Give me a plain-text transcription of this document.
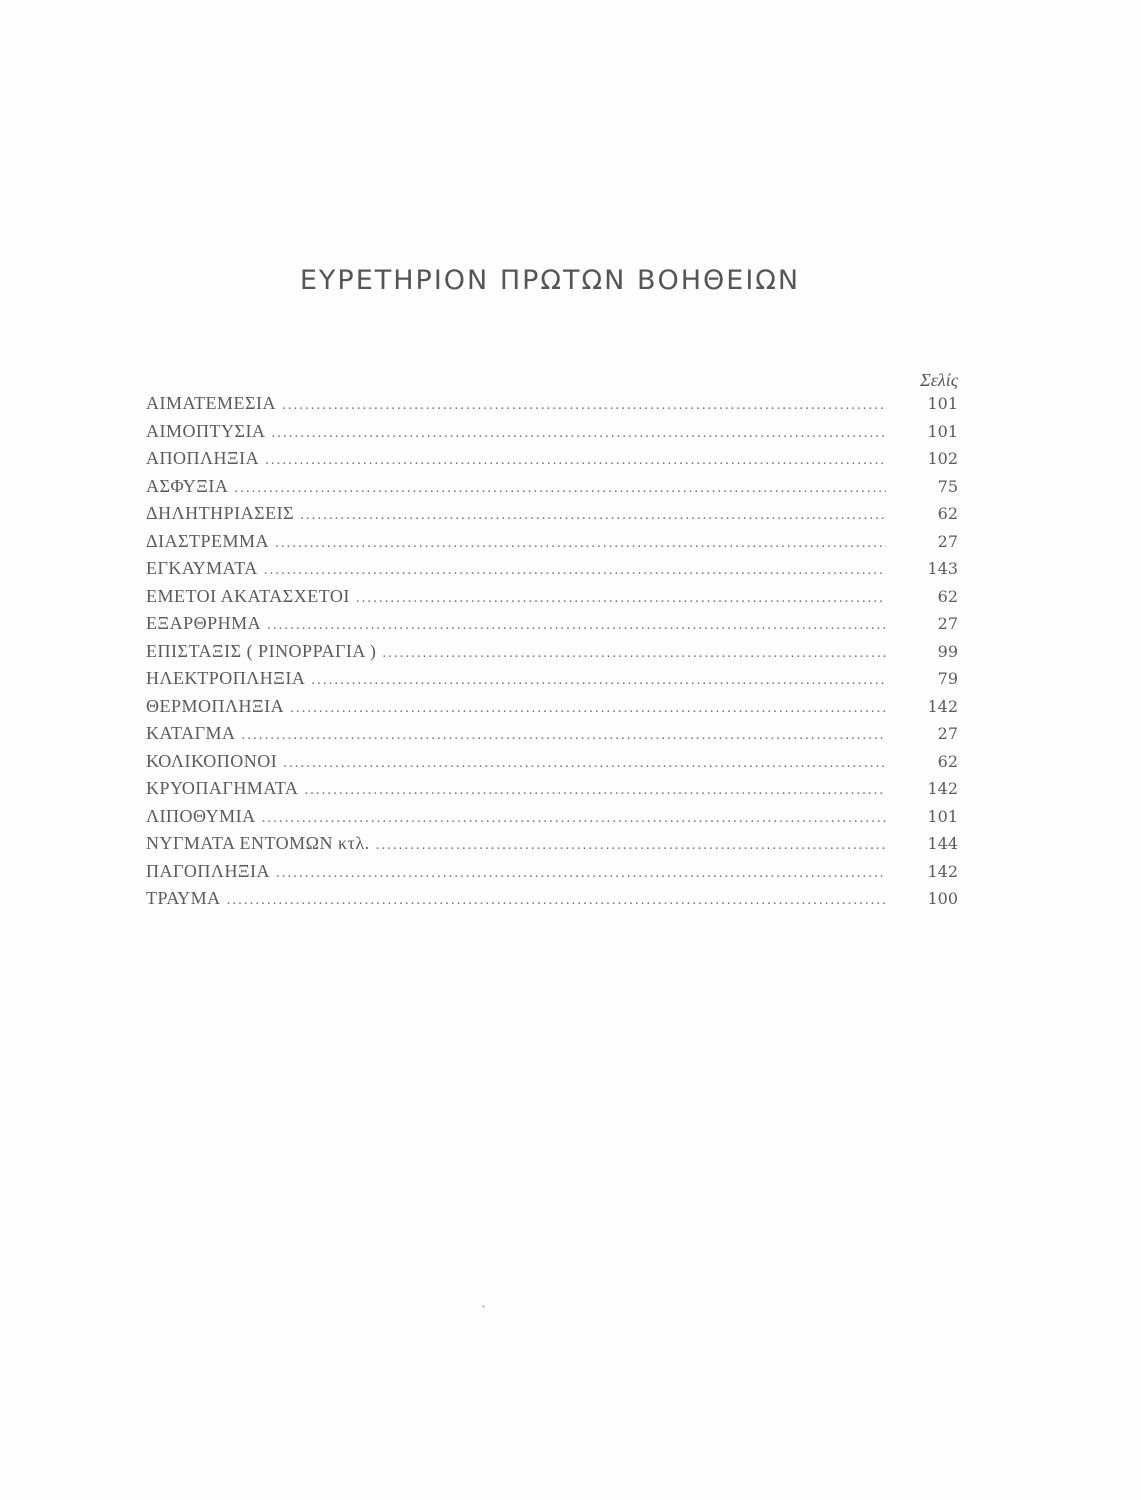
ΕΥΡΕΤΗΡΙΟΝ ΠΡΩΤΩΝ ΒΟΗΘΕΙΩΝ
Σελίς
ΑΙΜΑΤΕΜΕΣΙΑ .....	101
ΑΙΜΟΠΤΥΣΙΑ .....	101
ΑΠΟΠΛΗΞΙΑ .....	102
ΑΣΦΥΞΙΑ .....	75
ΔΗΛΗΤΗΡΙΑΣΕΙΣ .....	62
ΔΙΑΣΤΡΕΜΜΑ .....	27
ΕΓΚΑΥΜΑΤΑ .....	143
ΕΜΕΤΟΙ ΑΚΑΤΑΣΧΕΤΟΙ .....	62
ΕΞΑΡΘΡΗΜΑ .....	27
ΕΠΙΣΤΑΞΙΣ ( ΡΙΝΟΡΡΑΓΙΑ ) .....	99
ΗΛΕΚΤΡΟΠΛΗΞΙΑ .....	79
ΘΕΡΜΟΠΛΗΞΙΑ .....	142
ΚΑΤΑΓΜΑ .....	27
ΚΟΛΙΚΟΠΟΝΟΙ .....	62
ΚΡΥΟΠΑΓΗΜΑΤΑ .....	142
ΛΙΠΟΘΥΜΙΑ .....	101
ΝΥΓΜΑΤΑ ΕΝΤΟΜΩΝ κτλ. .....	144
ΠΑΓΟΠΛΗΞΙΑ .....	142
ΤΡΑΥΜΑ .....	100
